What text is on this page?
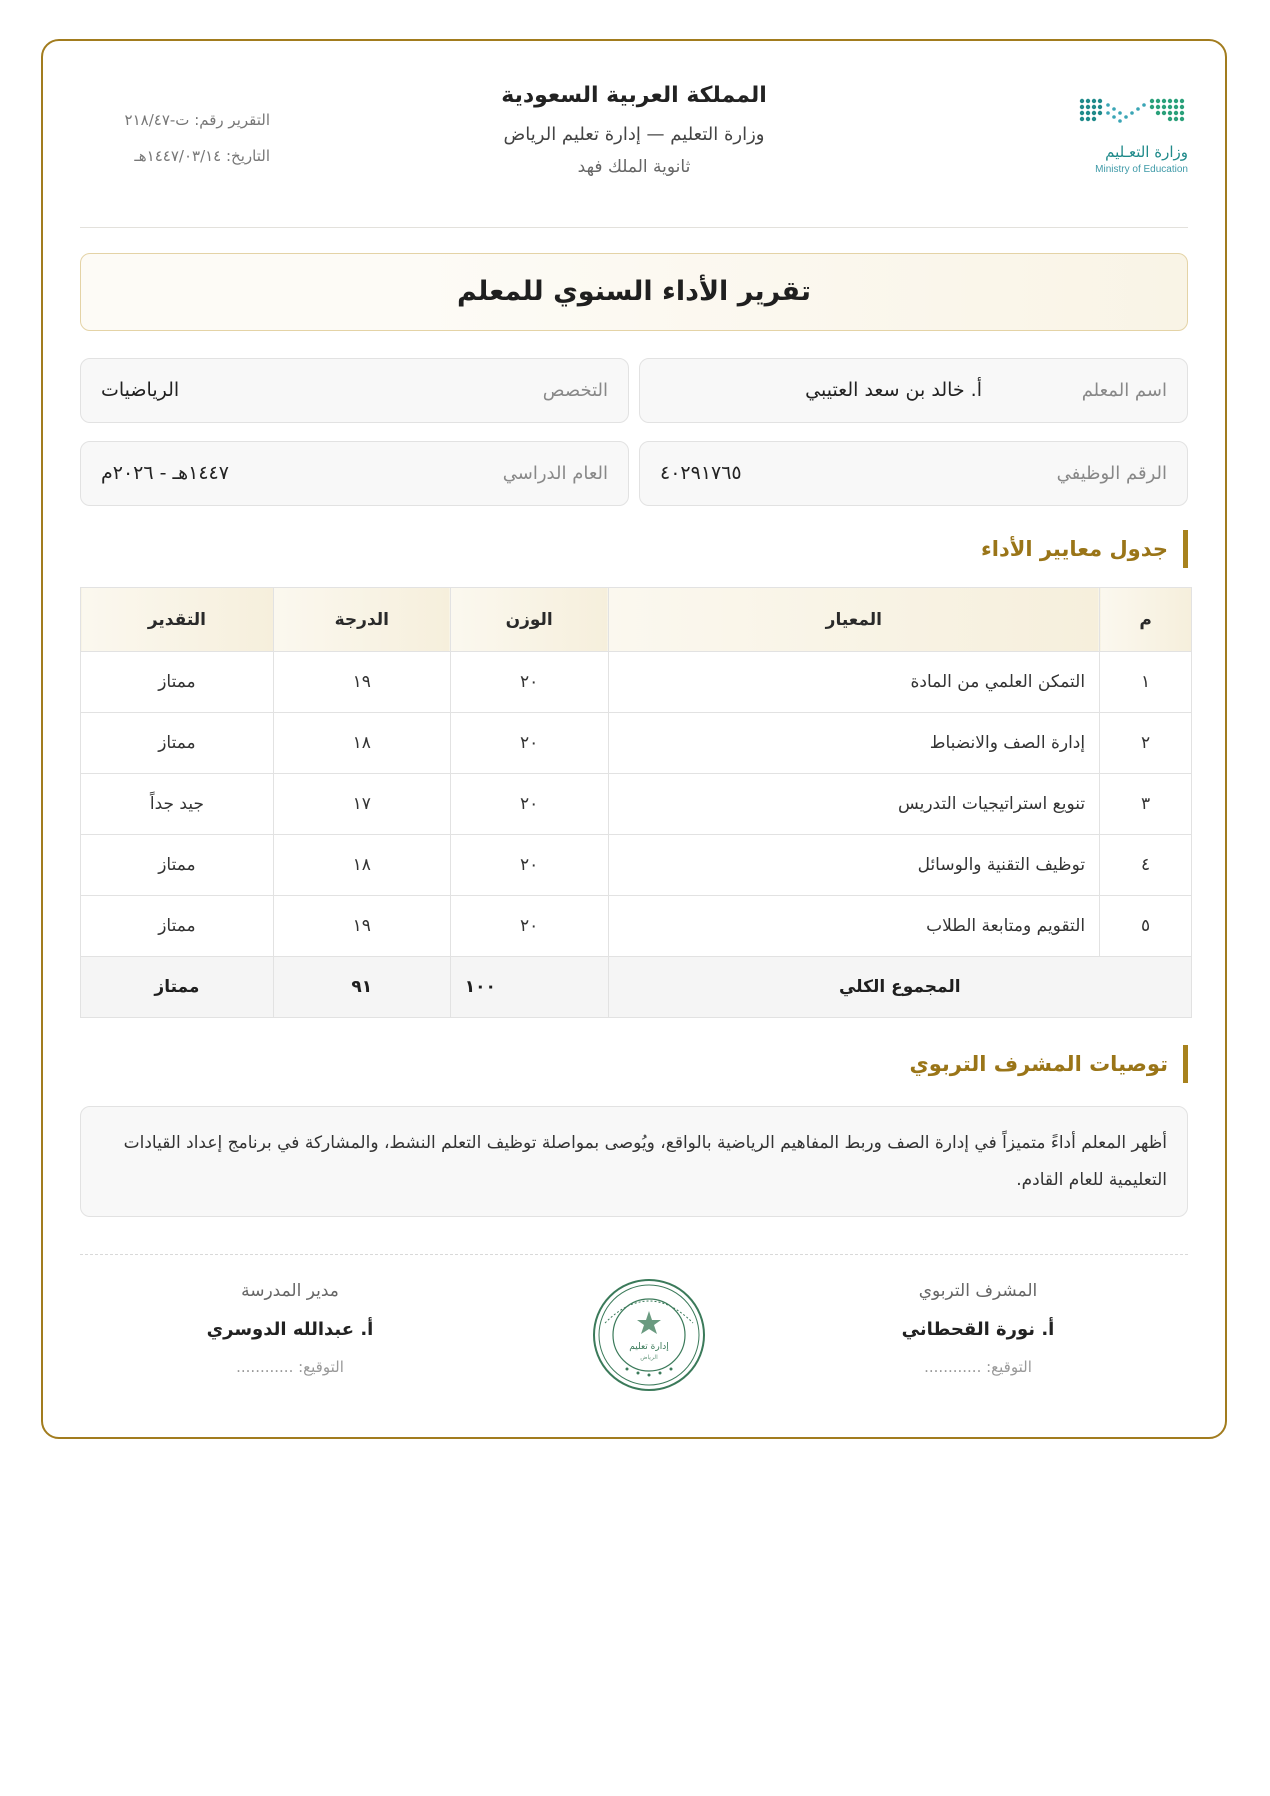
وزارة التعـليم
Ministry of Education
المملكة العربية السعودية
وزارة التعليم — إدارة تعليم الرياض
ثانوية الملك فهد
التقرير رقم: ت-٢١٨/٤٧
التاريخ: ١٤٤٧/٠٣/١٤هـ
تقرير الأداء السنوي للمعلم
اسم المعلم
أ. خالد بن سعد العتيبي
التخصص
الرياضيات
الرقم الوظيفي
٤٠٢٩١٧٦٥
العام الدراسي
١٤٤٧هـ - ٢٠٢٦م
جدول معايير الأداء
م	المعيار	الوزن	الدرجة	التقدير
١	التمكن العلمي من المادة	٢٠	١٩	ممتاز
٢	إدارة الصف والانضباط	٢٠	١٨	ممتاز
٣	تنويع استراتيجيات التدريس	٢٠	١٧	جيد جداً
٤	توظيف التقنية والوسائل	٢٠	١٨	ممتاز
٥	التقويم ومتابعة الطلاب	٢٠	١٩	ممتاز
المجموع الكلي		١٠٠	٩١	ممتاز
توصيات المشرف التربوي
أظهر المعلم أداءً متميزاً في إدارة الصف وربط المفاهيم الرياضية بالواقع، ويُوصى بمواصلة توظيف التعلم النشط، والمشاركة في برنامج إعداد القيادات التعليمية للعام القادم.
المشرف التربوي
أ. نورة القحطاني
التوقيع: ............
إدارة تعليم
الرياض
مدير المدرسة
أ. عبدالله الدوسري
التوقيع: ............
